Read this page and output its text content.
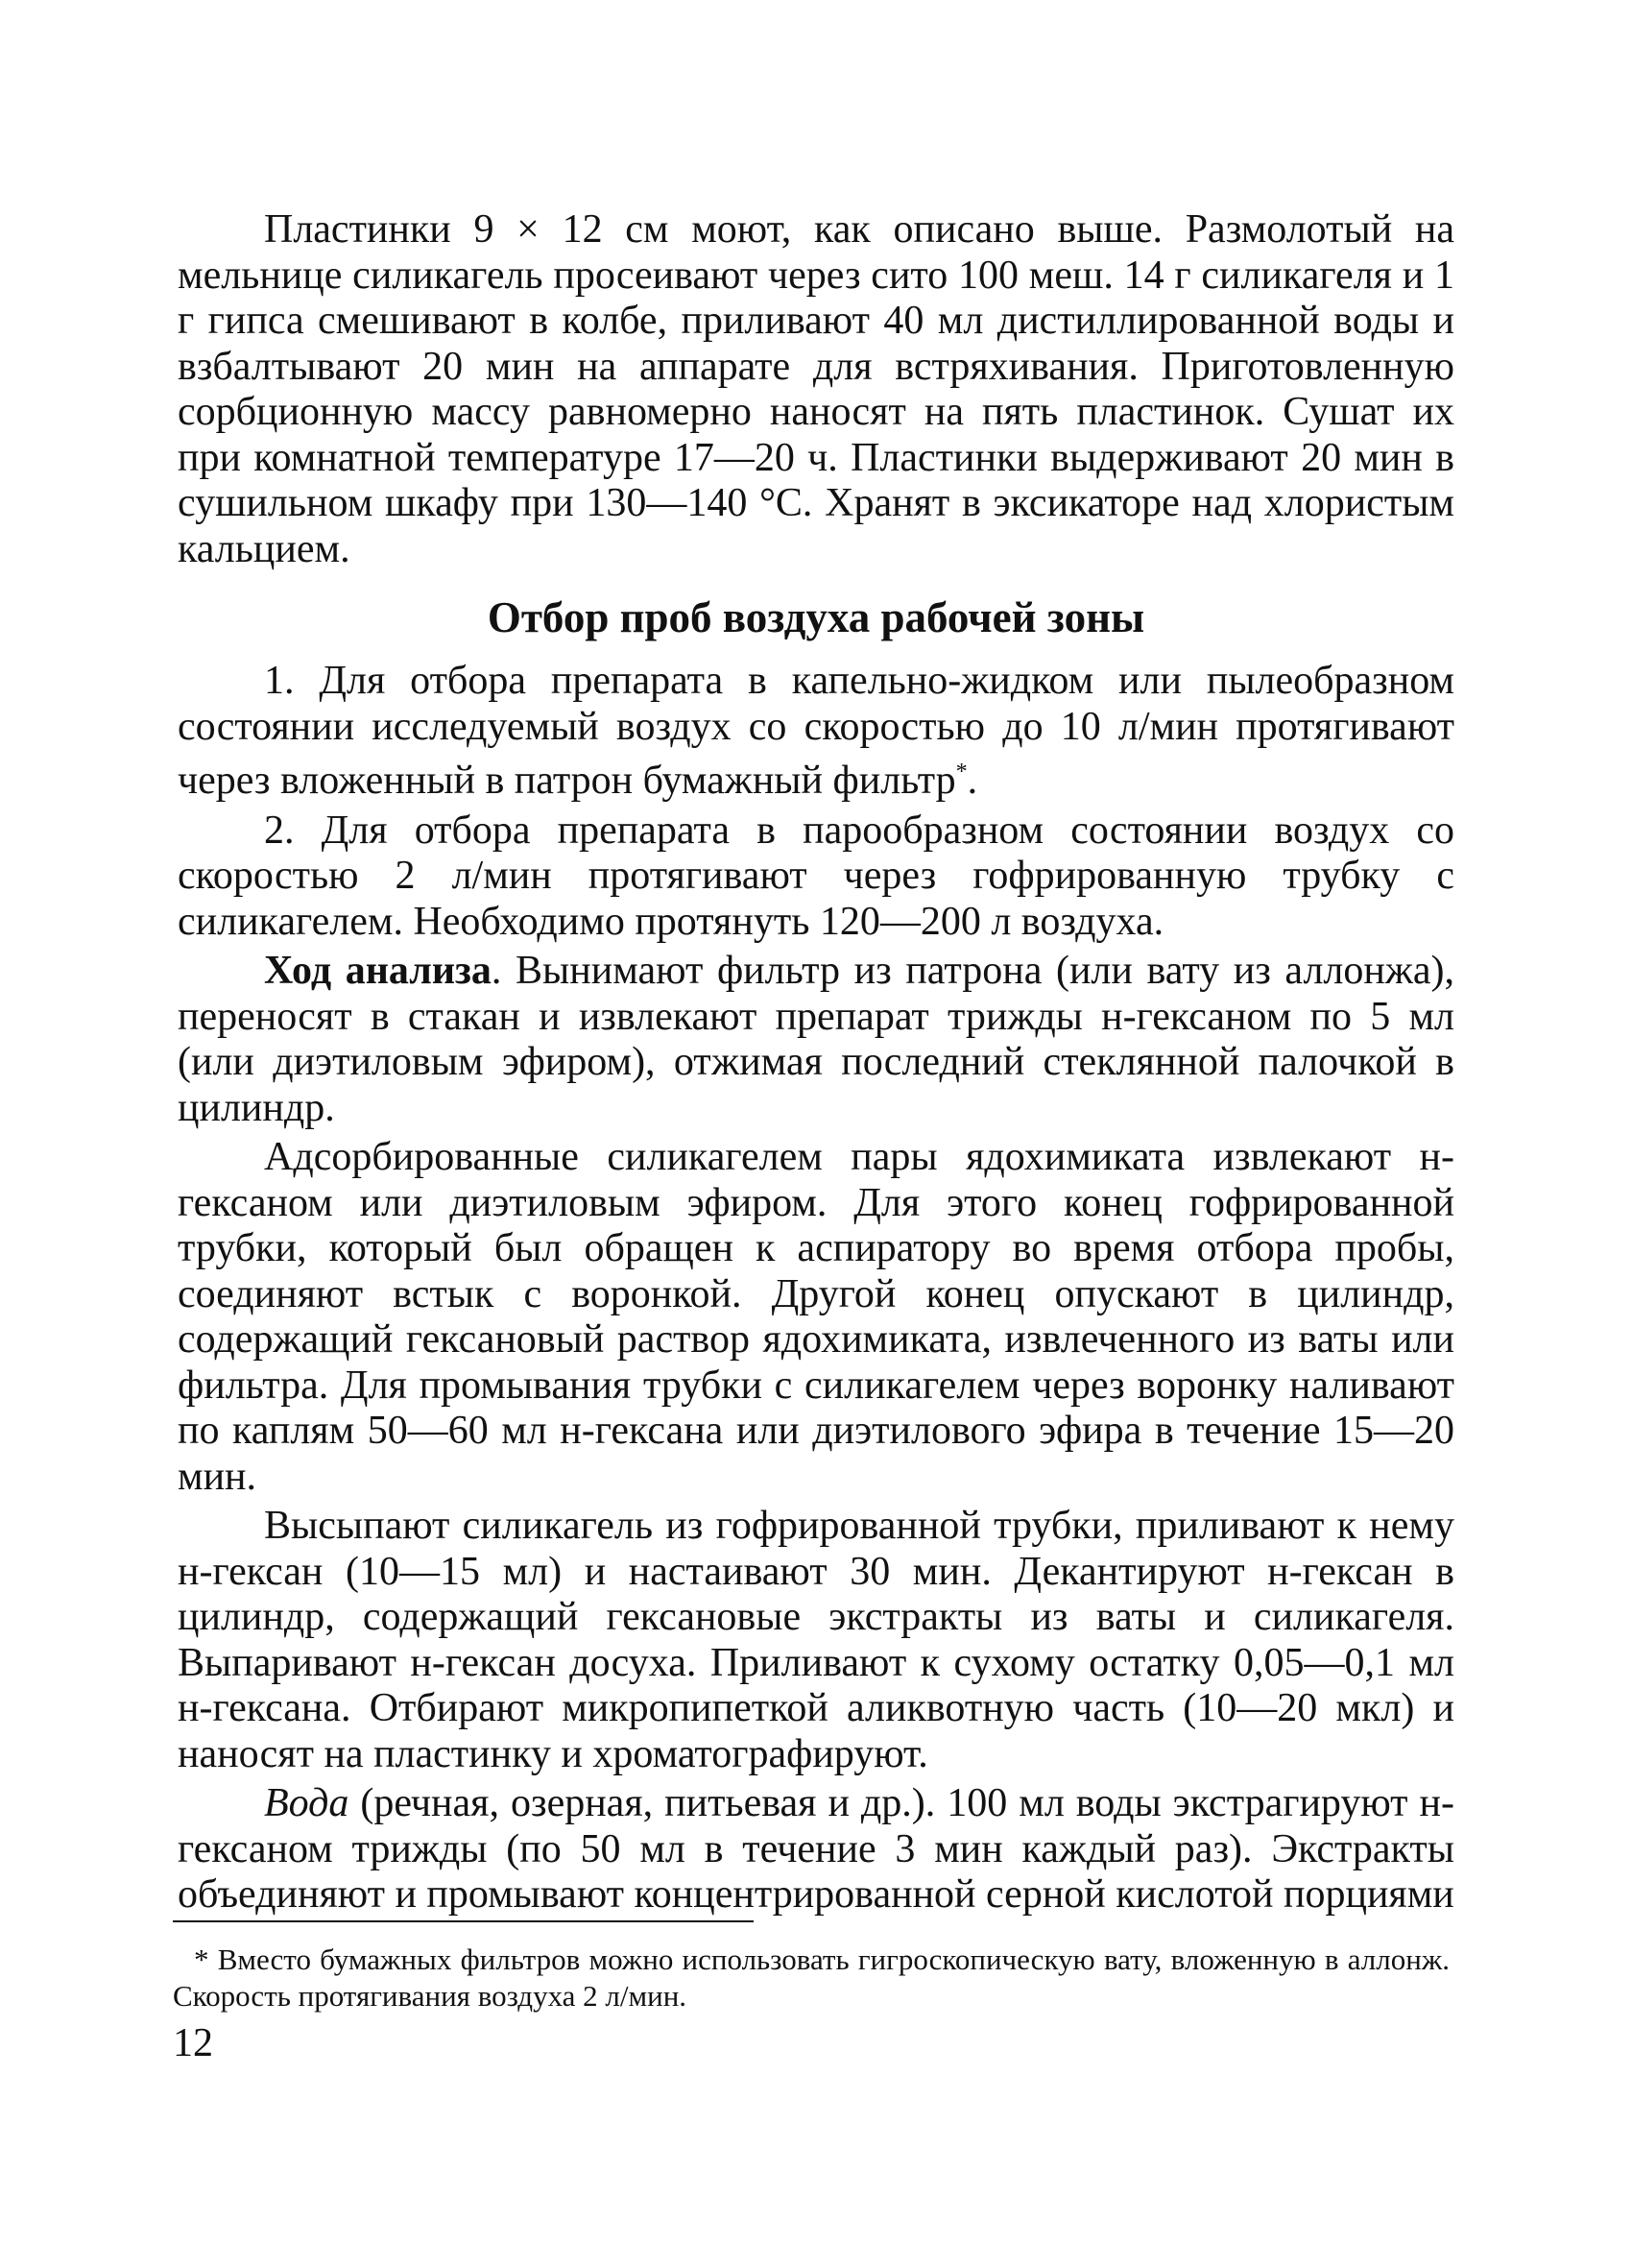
Пластинки 9 × 12 см моют, как описано выше. Размолотый на мельнице силикагель просеивают через сито 100 меш. 14 г силикагеля и 1 г гипса смешивают в колбе, приливают 40 мл дистиллированной воды и взбалтывают 20 мин на аппарате для встряхивания. Приготовленную сорбционную массу равномерно наносят на пять пластинок. Сушат их при комнатной температуре 17—20 ч. Пластинки выдерживают 20 мин в сушильном шкафу при 130—140 °С. Хранят в эксикаторе над хлористым кальцием.

Отбор проб воздуха рабочей зоны

1. Для отбора препарата в капельно-жидком или пылеобразном состоянии исследуемый воздух со скоростью до 10 л/мин протягивают через вложенный в патрон бумажный фильтр*.

2. Для отбора препарата в парообразном состоянии воздух со скоростью 2 л/мин протягивают через гофрированную трубку с силикагелем. Необходимо протянуть 120—200 л воздуха.

Ход анализа. Вынимают фильтр из патрона (или вату из аллонжа), переносят в стакан и извлекают препарат трижды н-гексаном по 5 мл (или диэтиловым эфиром), отжимая последний стеклянной палочкой в цилиндр.

Адсорбированные силикагелем пары ядохимиката извлекают н-гексаном или диэтиловым эфиром. Для этого конец гофрированной трубки, который был обращен к аспиратору во время отбора пробы, соединяют встык с воронкой. Другой конец опускают в цилиндр, содержащий гексановый раствор ядохимиката, извлеченного из ваты или фильтра. Для промывания трубки с силикагелем через воронку наливают по каплям 50—60 мл н-гексана или диэтилового эфира в течение 15—20 мин.

Высыпают силикагель из гофрированной трубки, приливают к нему н-гексан (10—15 мл) и настаивают 30 мин. Декантируют н-гексан в цилиндр, содержащий гексановые экстракты из ваты и силикагеля. Выпаривают н-гексан досуха. Приливают к сухому остатку 0,05—0,1 мл н-гексана. Отбирают микропипеткой аликвотную часть (10—20 мкл) и наносят на пластинку и хроматографируют.

Вода (речная, озерная, питьевая и др.). 100 мл воды экстрагируют н-гексаном трижды (по 50 мл в течение 3 мин каждый раз). Экстракты объединяют и промывают концентрированной серной кислотой порциями

* Вместо бумажных фильтров можно использовать гигроскопическую вату, вложенную в аллонж. Скорость протягивания воздуха 2 л/мин.
12
